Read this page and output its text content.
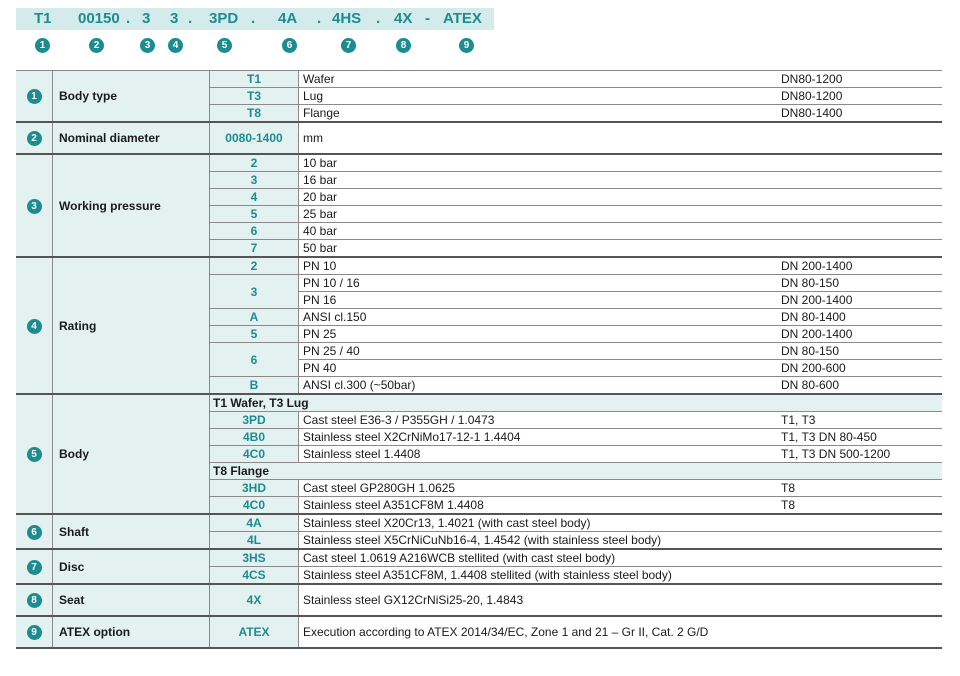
T1 00150 . 3 3 . 3PD . 4A . 4HS . 4X - ATEX
1	2	3	4	5	6	7	8	9
1	Body type	T1	Wafer	DN80-1200
		T3	Lug	DN80-1200
		T8	Flange	DN80-1400
2	Nominal diameter	0080-1400	mm	
3	Working pressure	2	10 bar	
		3	16 bar	
		4	20 bar	
		5	25 bar	
		6	40 bar	
		7	50 bar	
4	Rating	2	PN 10	DN 200-1400
		3	PN 10 / 16	DN 80-150
			PN 16	DN 200-1400
		A	ANSI cl.150	DN 80-1400
		5	PN 25	DN 200-1400
		6	PN 25 / 40	DN 80-150
			PN 40	DN 200-600
		B	ANSI cl.300 (~50bar)	DN 80-600
5	Body	T1 Wafer, T3 Lug		
		3PD	Cast steel E36-3 / P355GH / 1.0473	T1, T3
		4B0	Stainless steel X2CrNiMo17-12-1 1.4404	T1, T3 DN 80-450
		4C0	Stainless steel 1.4408	T1, T3 DN 500-1200
		T8 Flange		
		3HD	Cast steel GP280GH 1.0625	T8
		4C0	Stainless steel A351CF8M 1.4408	T8
6	Shaft	4A	Stainless steel X20Cr13, 1.4021 (with cast steel body)	
		4L	Stainless steel X5CrNiCuNb16-4, 1.4542 (with stainless steel body)	
7	Disc	3HS	Cast steel 1.0619 A216WCB stellited (with cast steel body)	
		4CS	Stainless steel A351CF8M, 1.4408 stellited (with stainless steel body)	
8	Seat	4X	Stainless steel GX12CrNiSi25-20, 1.4843	
9	ATEX option	ATEX	Execution according to ATEX 2014/34/EC, Zone 1 and 21 – Gr II, Cat. 2 G/D	
